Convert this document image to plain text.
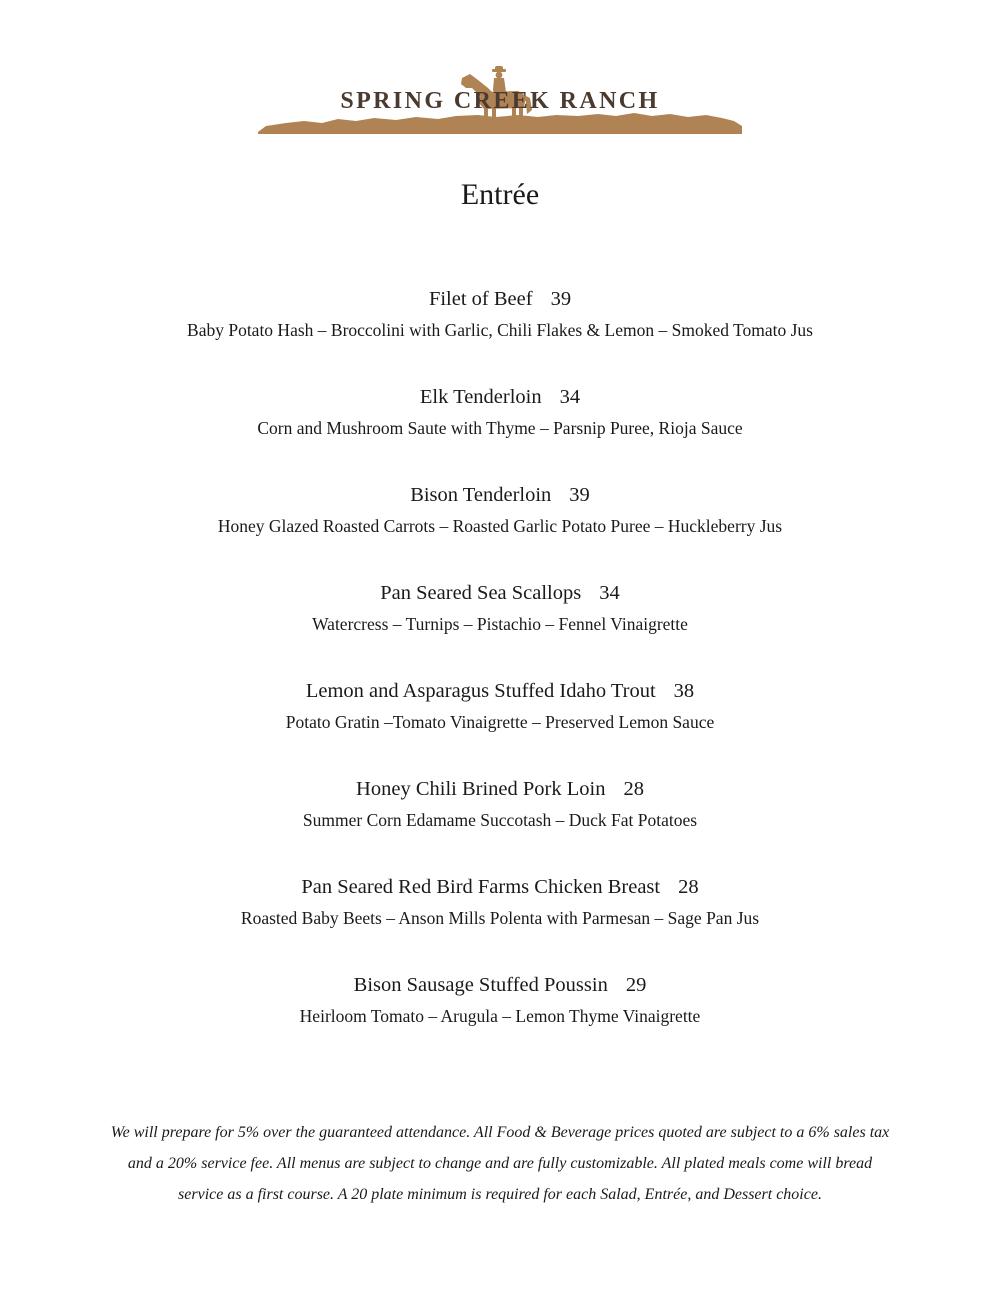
SPRING CREEK RANCH
Entrée
Filet of Beef 39
Baby Potato Hash – Broccolini with Garlic, Chili Flakes & Lemon – Smoked Tomato Jus
Elk Tenderloin 34
Corn and Mushroom Saute with Thyme – Parsnip Puree, Rioja Sauce
Bison Tenderloin 39
Honey Glazed Roasted Carrots – Roasted Garlic Potato Puree – Huckleberry Jus
Pan Seared Sea Scallops 34
Watercress – Turnips – Pistachio – Fennel Vinaigrette
Lemon and Asparagus Stuffed Idaho Trout 38
Potato Gratin –Tomato Vinaigrette – Preserved Lemon Sauce
Honey Chili Brined Pork Loin 28
Summer Corn Edamame Succotash – Duck Fat Potatoes
Pan Seared Red Bird Farms Chicken Breast 28
Roasted Baby Beets – Anson Mills Polenta with Parmesan – Sage Pan Jus
Bison Sausage Stuffed Poussin 29
Heirloom Tomato – Arugula – Lemon Thyme Vinaigrette
We will prepare for 5% over the guaranteed attendance. All Food & Beverage prices quoted are subject to a 6% sales tax and a 20% service fee. All menus are subject to change and are fully customizable. All plated meals come will bread service as a first course. A 20 plate minimum is required for each Salad, Entrée, and Dessert choice.
